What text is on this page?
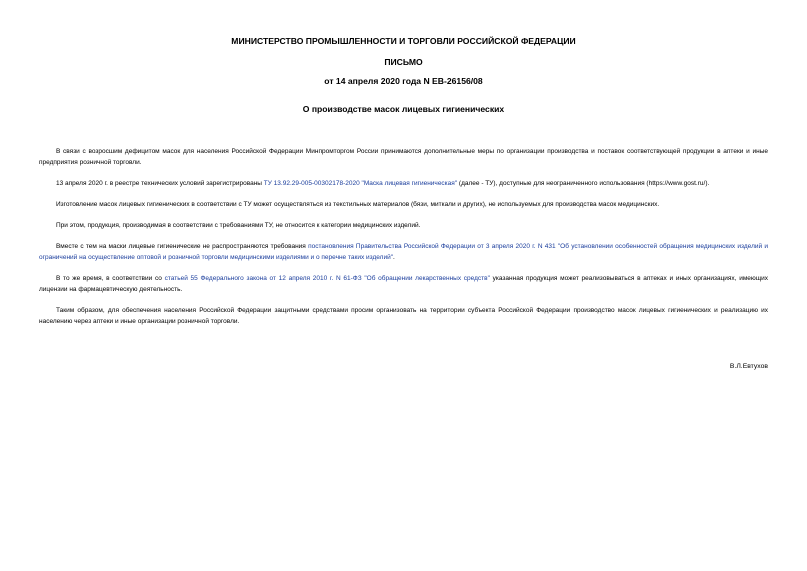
МИНИСТЕРСТВО ПРОМЫШЛЕННОСТИ И ТОРГОВЛИ РОССИЙСКОЙ ФЕДЕРАЦИИ
ПИСЬМО
от 14 апреля 2020 года N ЕВ-26156/08
О производстве масок лицевых гигиенических

В связи с возросшим дефицитом масок для населения Российской Федерации Минпромторгом России принимаются дополнительные меры по организации производства и поставок соответствующей продукции в аптеки и иные предприятия розничной торговли.

13 апреля 2020 г. в реестре технических условий зарегистрированы ТУ 13.92.29-005-00302178-2020 "Маска лицевая гигиеническая" (далее - ТУ), доступные для неограниченного использования (https://www.gost.ru/).

Изготовление масок лицевых гигиенических в соответствии с ТУ может осуществляться из текстильных материалов (бязи, миткали и других), не используемых для производства масок медицинских.

При этом, продукция, производимая в соответствии с требованиями ТУ, не относится к категории медицинских изделий.

Вместе с тем на маски лицевые гигиенические не распространяются требования постановления Правительства Российской Федерации от 3 апреля 2020 г. N 431 "Об установлении особенностей обращения медицинских изделий и ограничений на осуществление оптовой и розничной торговли медицинскими изделиями и о перечне таких изделий".

В то же время, в соответствии со статьей 55 Федерального закона от 12 апреля 2010 г. N 61-ФЗ "Об обращении лекарственных средств" указанная продукция может реализовываться в аптеках и иных организациях, имеющих лицензии на фармацевтическую деятельность.

Таким образом, для обеспечения населения Российской Федерации защитными средствами просим организовать на территории субъекта Российской Федерации производство масок лицевых гигиенических и реализацию их населению через аптеки и иные организации розничной торговли.

В.Л.Евтухов
